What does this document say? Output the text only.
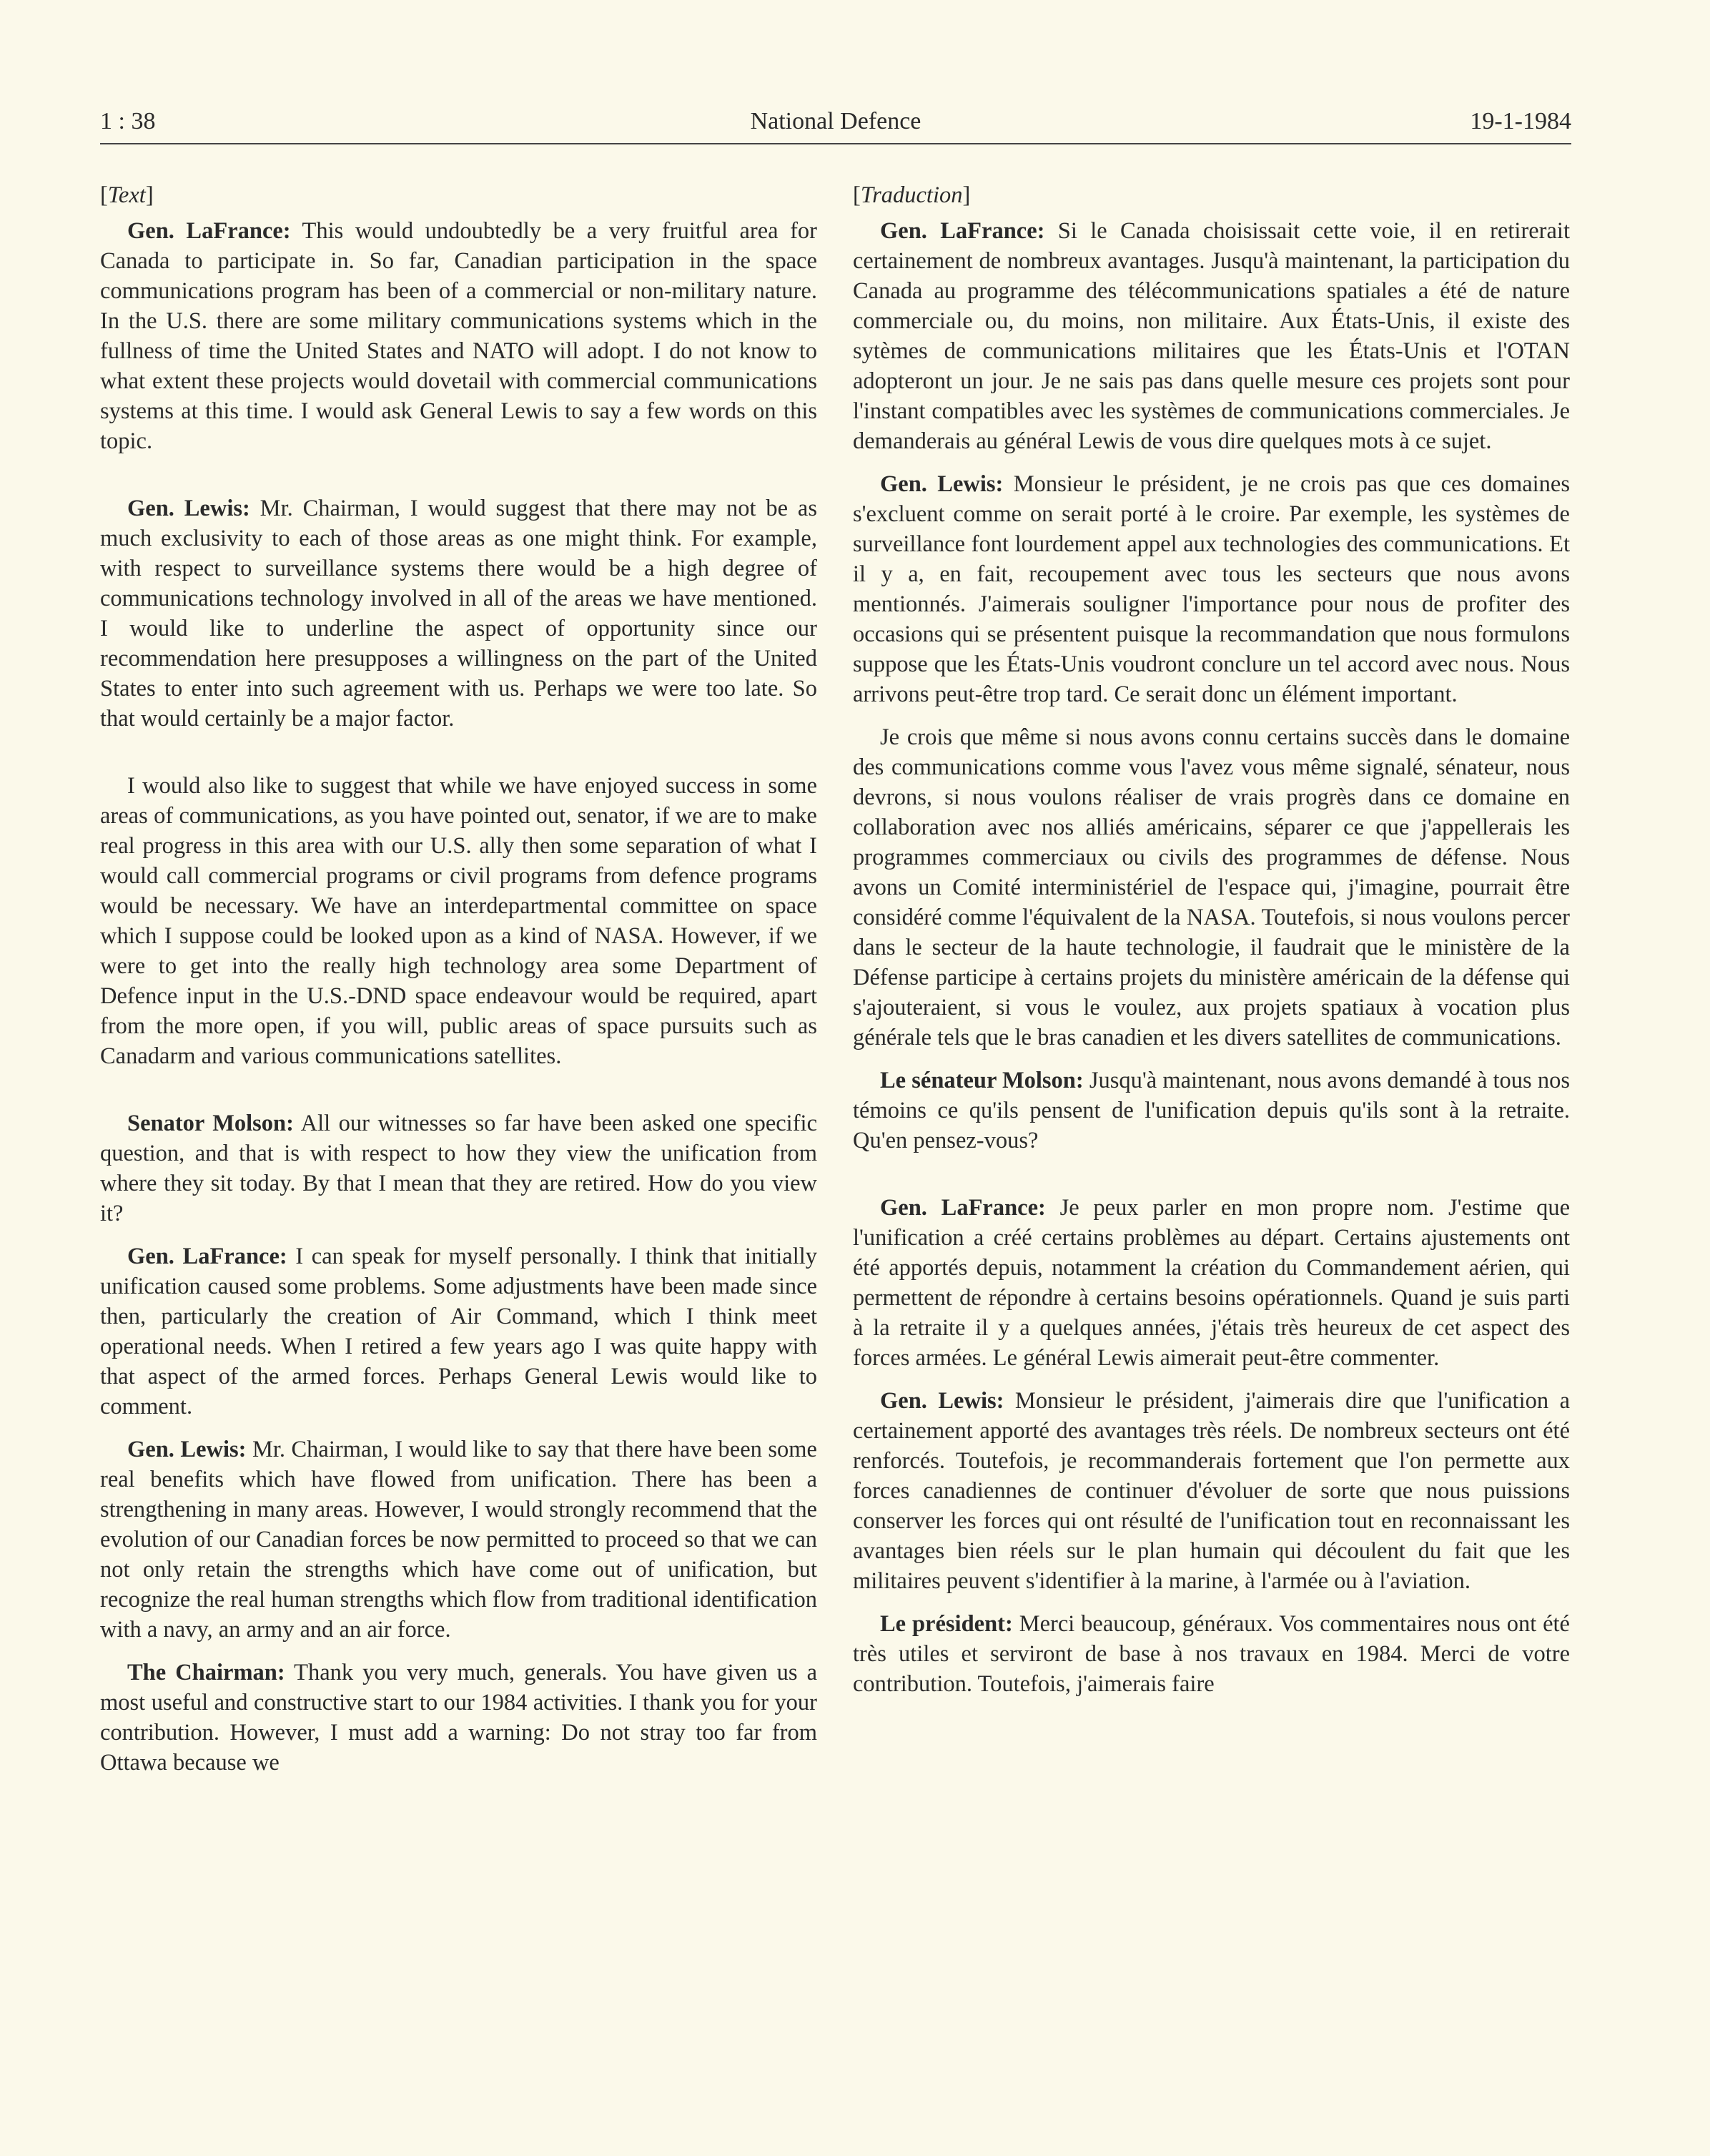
1 : 38	National Defence	19-1-1984
[Text]

Gen. LaFrance: This would undoubtedly be a very fruitful area for Canada to participate in. So far, Canadian participation in the space communications program has been of a commercial or non-military nature. In the U.S. there are some military communications systems which in the fullness of time the United States and NATO will adopt. I do not know to what extent these projects would dovetail with commercial communications systems at this time. I would ask General Lewis to say a few words on this topic.

Gen. Lewis: Mr. Chairman, I would suggest that there may not be as much exclusivity to each of those areas as one might think. For example, with respect to surveillance systems there would be a high degree of communications technology involved in all of the areas we have mentioned. I would like to underline the aspect of opportunity since our recommendation here presupposes a willingness on the part of the United States to enter into such agreement with us. Perhaps we were too late. So that would certainly be a major factor.

I would also like to suggest that while we have enjoyed success in some areas of communications, as you have pointed out, senator, if we are to make real progress in this area with our U.S. ally then some separation of what I would call commercial programs or civil programs from defence programs would be necessary. We have an interdepartmental committee on space which I suppose could be looked upon as a kind of NASA. However, if we were to get into the really high technology area some Department of Defence input in the U.S.-DND space endeavour would be required, apart from the more open, if you will, public areas of space pursuits such as Canadarm and various communications satellites.

Senator Molson: All our witnesses so far have been asked one specific question, and that is with respect to how they view the unification from where they sit today. By that I mean that they are retired. How do you view it?

Gen. LaFrance: I can speak for myself personally. I think that initially unification caused some problems. Some adjustments have been made since then, particularly the creation of Air Command, which I think meet operational needs. When I retired a few years ago I was quite happy with that aspect of the armed forces. Perhaps General Lewis would like to comment.

Gen. Lewis: Mr. Chairman, I would like to say that there have been some real benefits which have flowed from unification. There has been a strengthening in many areas. However, I would strongly recommend that the evolution of our Canadian forces be now permitted to proceed so that we can not only retain the strengths which have come out of unification, but recognize the real human strengths which flow from traditional identification with a navy, an army and an air force.

The Chairman: Thank you very much, generals. You have given us a most useful and constructive start to our 1984 activities. I thank you for your contribution. However, I must add a warning: Do not stray too far from Ottawa because we

[Traduction]

Gen. LaFrance: Si le Canada choisissait cette voie, il en retirerait certainement de nombreux avantages. Jusqu'à maintenant, la participation du Canada au programme des télécommunications spatiales a été de nature commerciale ou, du moins, non militaire. Aux États-Unis, il existe des sytèmes de communications militaires que les États-Unis et l'OTAN adopteront un jour. Je ne sais pas dans quelle mesure ces projets sont pour l'instant compatibles avec les systèmes de communications commerciales. Je demanderais au général Lewis de vous dire quelques mots à ce sujet.

Gen. Lewis: Monsieur le président, je ne crois pas que ces domaines s'excluent comme on serait porté à le croire. Par exemple, les systèmes de surveillance font lourdement appel aux technologies des communications. Et il y a, en fait, recoupement avec tous les secteurs que nous avons mentionnés. J'aimerais souligner l'importance pour nous de profiter des occasions qui se présentent puisque la recommandation que nous formulons suppose que les États-Unis voudront conclure un tel accord avec nous. Nous arrivons peut-être trop tard. Ce serait donc un élément important.

Je crois que même si nous avons connu certains succès dans le domaine des communications comme vous l'avez vous même signalé, sénateur, nous devrons, si nous voulons réaliser de vrais progrès dans ce domaine en collaboration avec nos alliés américains, séparer ce que j'appellerais les programmes commerciaux ou civils des programmes de défense. Nous avons un Comité interministériel de l'espace qui, j'imagine, pourrait être considéré comme l'équivalent de la NASA. Toutefois, si nous voulons percer dans le secteur de la haute technologie, il faudrait que le ministère de la Défense participe à certains projets du ministère américain de la défense qui s'ajouteraient, si vous le voulez, aux projets spatiaux à vocation plus générale tels que le bras canadien et les divers satellites de communications.

Le sénateur Molson: Jusqu'à maintenant, nous avons demandé à tous nos témoins ce qu'ils pensent de l'unification depuis qu'ils sont à la retraite. Qu'en pensez-vous?

Gen. LaFrance: Je peux parler en mon propre nom. J'estime que l'unification a créé certains problèmes au départ. Certains ajustements ont été apportés depuis, notamment la création du Commandement aérien, qui permettent de répondre à certains besoins opérationnels. Quand je suis parti à la retraite il y a quelques années, j'étais très heureux de cet aspect des forces armées. Le général Lewis aimerait peut-être commenter.

Gen. Lewis: Monsieur le président, j'aimerais dire que l'unification a certainement apporté des avantages très réels. De nombreux secteurs ont été renforcés. Toutefois, je recommanderais fortement que l'on permette aux forces canadiennes de continuer d'évoluer de sorte que nous puissions conserver les forces qui ont résulté de l'unification tout en reconnaissant les avantages bien réels sur le plan humain qui découlent du fait que les militaires peuvent s'identifier à la marine, à l'armée ou à l'aviation.

Le président: Merci beaucoup, généraux. Vos commentaires nous ont été très utiles et serviront de base à nos travaux en 1984. Merci de votre contribution. Toutefois, j'aimerais faire
